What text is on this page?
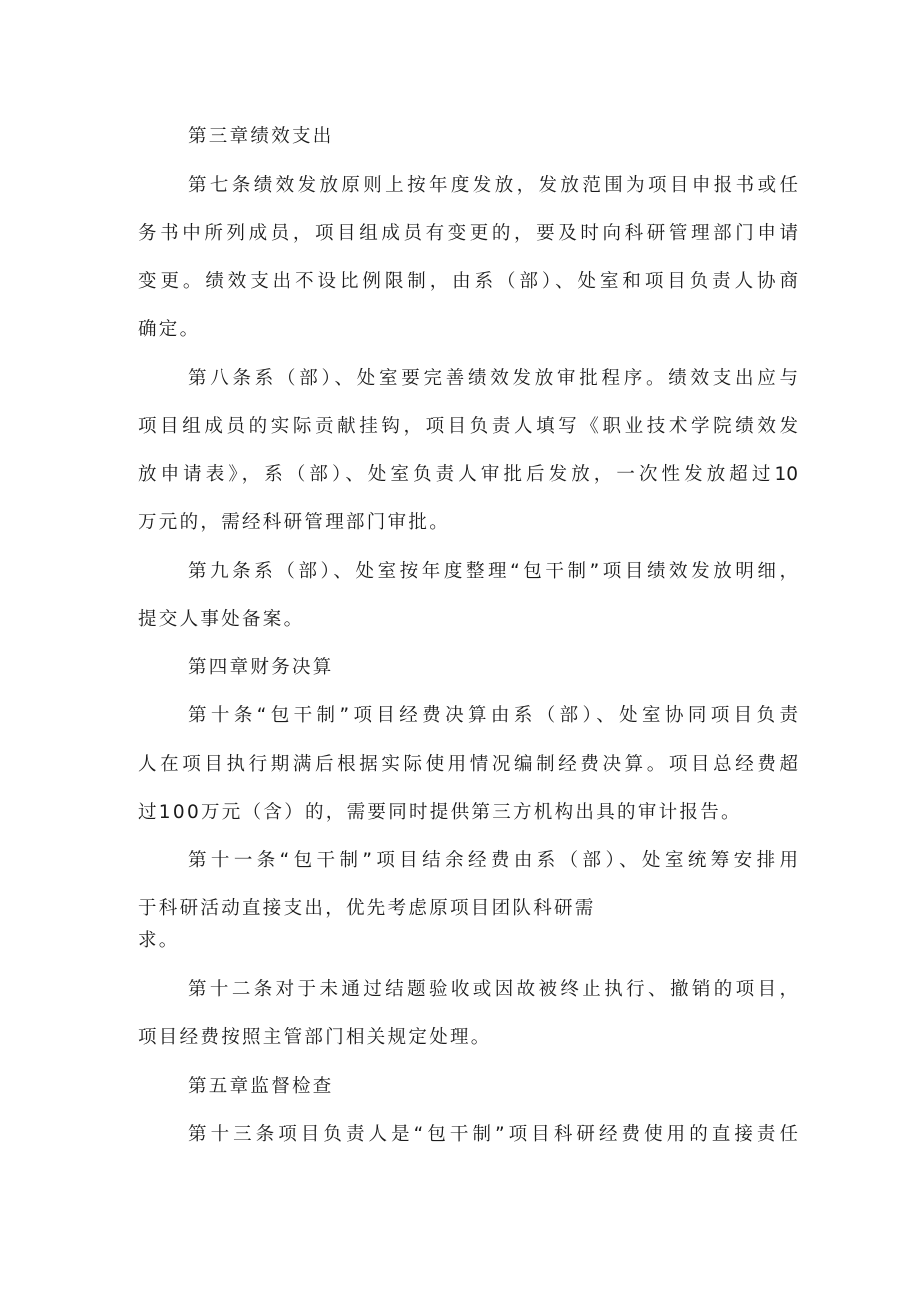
第三章绩效支出

第七条绩效发放原则上按年度发放，发放范围为项目申报书或任

务书中所列成员，项目组成员有变更的，要及时向科研管理部门申请

变更。绩效支出不设比例限制，由系（部）、处室和项目负责人协商

确定。

第八条系（部）、处室要完善绩效发放审批程序。绩效支出应与

项目组成员的实际贡献挂钩，项目负责人填写《职业技术学院绩效发

放申请表》，系（部）、处室负责人审批后发放，一次性发放超过10

万元的，需经科研管理部门审批。

第九条系（部）、处室按年度整理“包干制”项目绩效发放明细，

提交人事处备案。

第四章财务决算

第十条“包干制”项目经费决算由系（部）、处室协同项目负责

人在项目执行期满后根据实际使用情况编制经费决算。项目总经费超

过100万元（含）的，需要同时提供第三方机构出具的审计报告。

第十一条“包干制”项目结余经费由系（部）、处室统筹安排用

于科研活动直接支出，优先考虑原项目团队科研需

求。

第十二条对于未通过结题验收或因故被终止执行、撤销的项目，

项目经费按照主管部门相关规定处理。

第五章监督检查

第十三条项目负责人是“包干制”项目科研经费使用的直接责任
